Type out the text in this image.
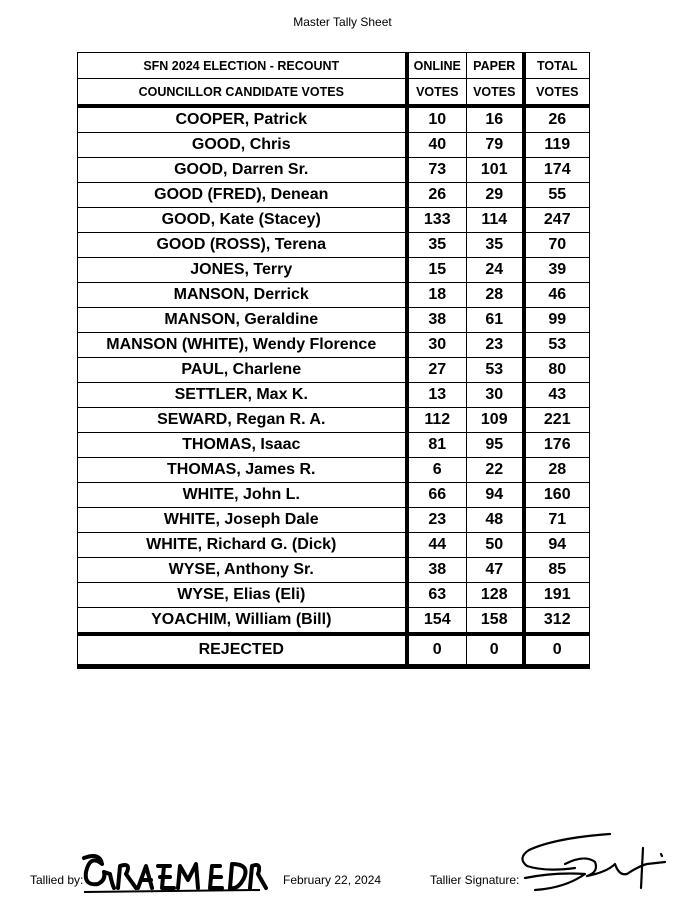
Master Tally Sheet
SFN 2024 ELECTION - RECOUNT	ONLINE	PAPER	TOTAL
COUNCILLOR CANDIDATE VOTES	VOTES	VOTES	VOTES
COOPER, Patrick	10	16	26
GOOD, Chris	40	79	119
GOOD, Darren Sr.	73	101	174
GOOD (FRED), Denean	26	29	55
GOOD, Kate (Stacey)	133	114	247
GOOD (ROSS), Terena	35	35	70
JONES, Terry	15	24	39
MANSON, Derrick	18	28	46
MANSON, Geraldine	38	61	99
MANSON (WHITE), Wendy Florence	30	23	53
PAUL, Charlene	27	53	80
SETTLER, Max K.	13	30	43
SEWARD, Regan R. A.	112	109	221
THOMAS, Isaac	81	95	176
THOMAS, James R.	6	22	28
WHITE, John L.	66	94	160
WHITE, Joseph Dale	23	48	71
WHITE, Richard G. (Dick)	44	50	94
WYSE, Anthony Sr.	38	47	85
WYSE, Elias (Eli)	63	128	191
YOACHIM, William (Bill)	154	158	312
REJECTED	0	0	0
Tallied by:	February 22, 2024	Tallier Signature:
